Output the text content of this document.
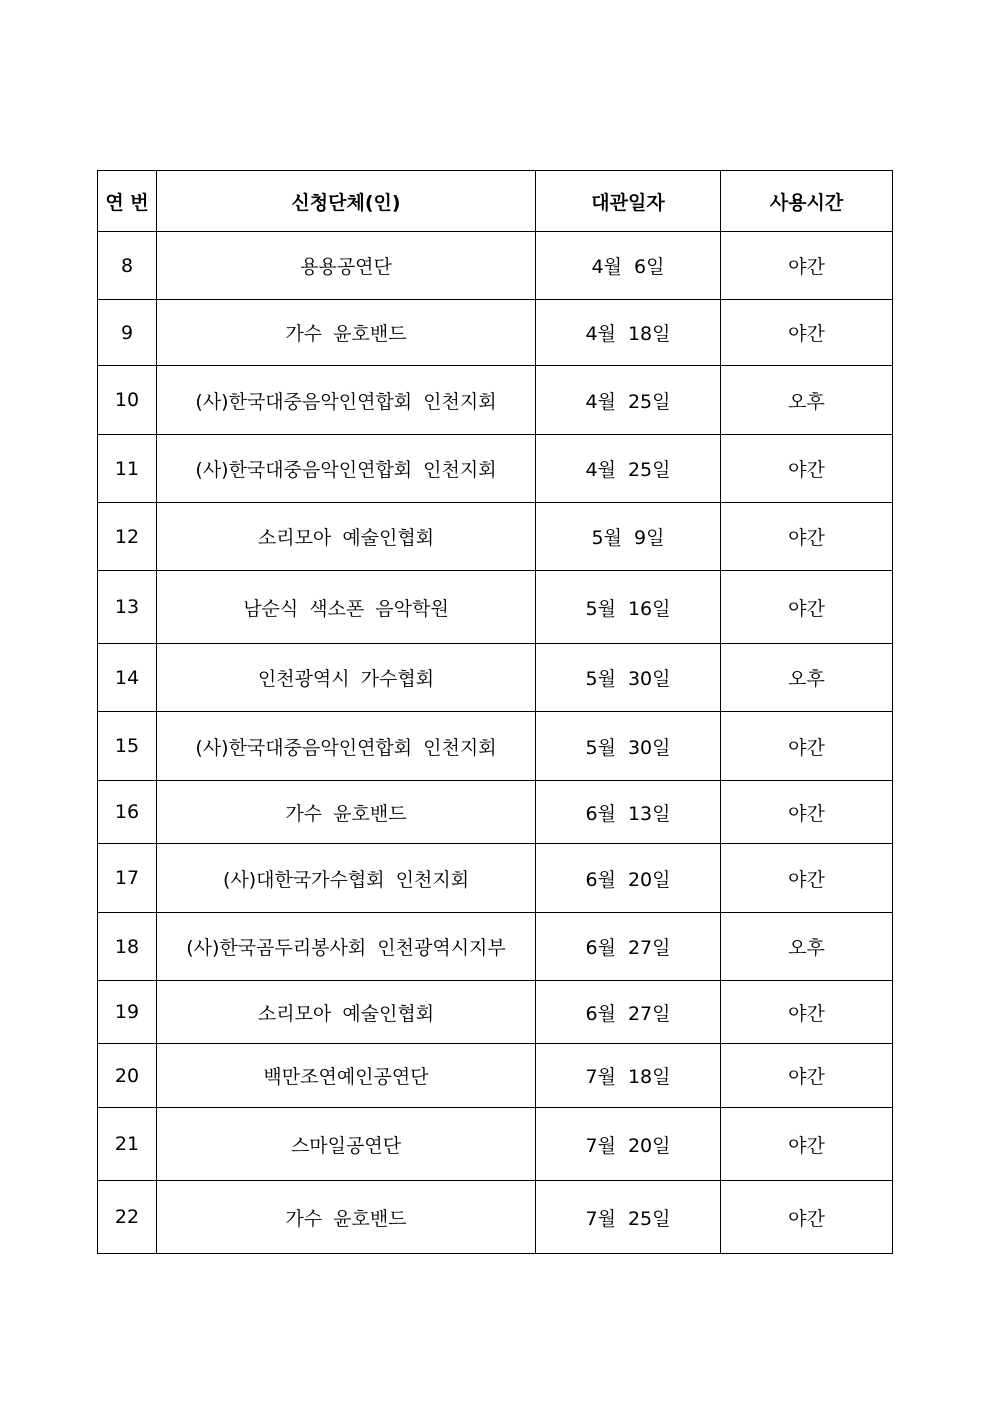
연 번	신청단체(인)	대관일자	사용시간
8	용용공연단	4월 6일	야간
9	가수 윤호밴드	4월 18일	야간
10	(사)한국대중음악인연합회 인천지회	4월 25일	오후
11	(사)한국대중음악인연합회 인천지회	4월 25일	야간
12	소리모아 예술인협회	5월 9일	야간
13	남순식 색소폰 음악학원	5월 16일	야간
14	인천광역시 가수협회	5월 30일	오후
15	(사)한국대중음악인연합회 인천지회	5월 30일	야간
16	가수 윤호밴드	6월 13일	야간
17	(사)대한국가수협회 인천지회	6월 20일	야간
18	(사)한국곰두리봉사회 인천광역시지부	6월 27일	오후
19	소리모아 예술인협회	6월 27일	야간
20	백만조연예인공연단	7월 18일	야간
21	스마일공연단	7월 20일	야간
22	가수 윤호밴드	7월 25일	야간
